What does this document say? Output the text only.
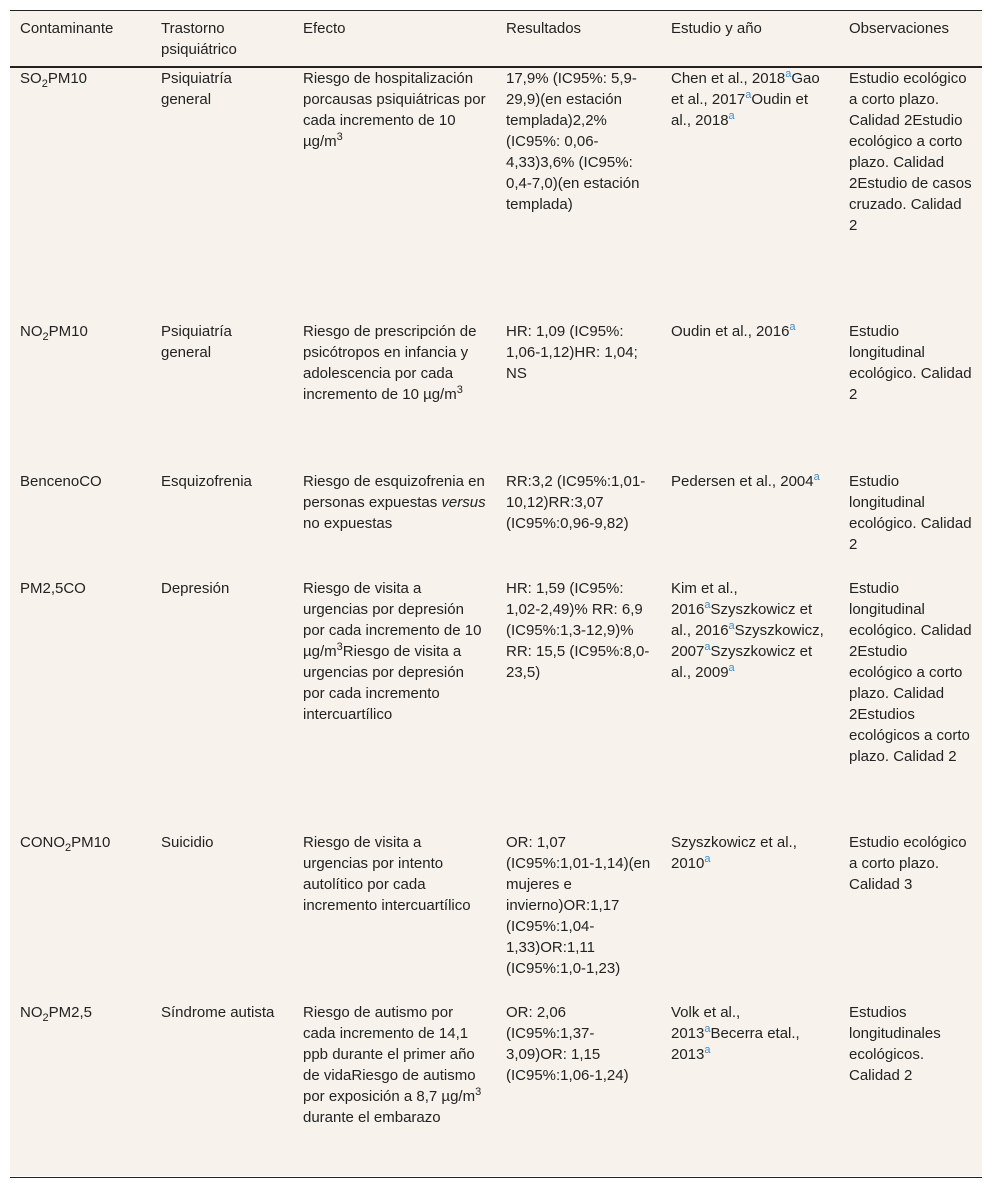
Contaminante	Trastorno psiquiátrico	Efecto	Resultados	Estudio y año	Observaciones
$SO_2PM10$	Psiquiatría general	Riesgo de hospitalización porcausas psiquiátricas por cada incremento de 10 $\mu g/m^3$	17,9% (IC95%: 5,9-29,9)(en estación templada)2,2% (IC95%: 0,06-4,33)3,6% (IC95%: 0,4-7,0)(en estación templada)	Chen et al., 2018$^a$Gao et al., 2017$^a$Oudin et al., 2018$^a$	Estudio ecológico a corto plazo. Calidad 2Estudio ecológico a corto plazo. Calidad 2Estudio de casos cruzado. Calidad 2
$NO_2PM10$	Psiquiatría general	Riesgo de prescripción de psicótropos en infancia y adolescencia por cada incremento de 10 $\mu g/m^3$	HR: 1,09 (IC95%: 1,06-1,12)HR: 1,04; NS	Oudin et al., 2016$^a$	Estudio longitudinal ecológico. Calidad 2
BencenoCO	Esquizofrenia	Riesgo de esquizofrenia en personas expuestas versus no expuestas	RR:3,2 (IC95%:1,01-10,12)RR:3,07 (IC95%:0,96-9,82)	Pedersen et al., 2004$^a$	Estudio longitudinal ecológico. Calidad 2
PM2,5CO	Depresión	Riesgo de visita a urgencias por depresión por cada incremento de 10 $\mu g/m^3Riesgo$ de visita a urgencias por depresión por cada incremento intercuartílico	HR: 1,59 (IC95%: 1,02-2,49)% RR: 6,9 (IC95%:1,3-12,9)% RR: 15,5 (IC95%:8,0-23,5)	Kim et al., 2016$^a$Szyszkowicz et al., 2016$^a$Szyszkowicz, 2007$^a$Szyszkowicz et al., 2009$^a$	Estudio longitudinal ecológico. Calidad 2Estudio ecológico a corto plazo. Calidad 2Estudios ecológicos a corto plazo. Calidad 2
$CONO_2PM10$	Suicidio	Riesgo de visita a urgencias por intento autolítico por cada incremento intercuartílico	OR: 1,07 (IC95%:1,01-1,14)(en mujeres e invierno)OR:1,17 (IC95%:1,04-1,33)OR:1,11 (IC95%:1,0-1,23)	Szyszkowicz et al., 2010$^a$	Estudio ecológico a corto plazo. Calidad 3
$NO_2PM2,5$	Síndrome autista	Riesgo de autismo por cada incremento de 14,1 ppb durante el primer año de vidaRiesgo de autismo por exposición a 8,7 $\mu g/m^3$ durante el embarazo	OR: 2,06 (IC95%:1,37-3,09)OR: 1,15 (IC95%:1,06-1,24)	Volk et al., 2013$^a$Becerra etal., 2013$^a$	Estudios longitudinales ecológicos. Calidad 2
